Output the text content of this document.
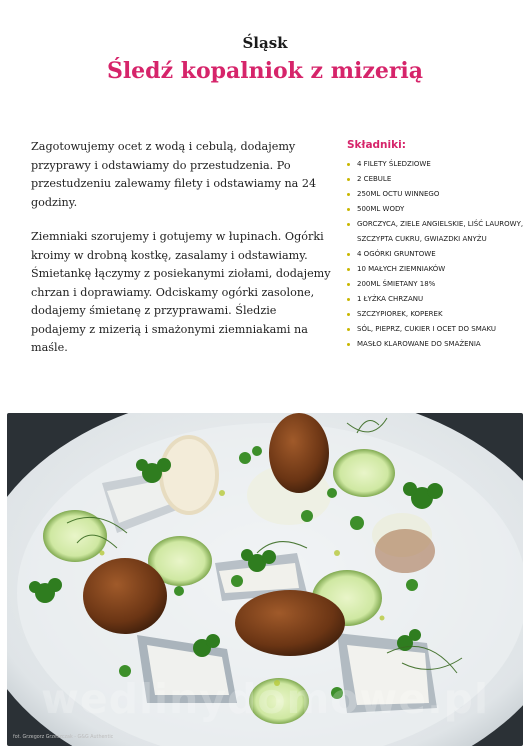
Śląsk
Śledź kopalniok z mizerią

Zagotowujemy ocet z wodą i cebulą, dodajemy przyprawy i odstawiamy do przestudzenia. Po przestudzeniu zalewamy filety i odstawiamy na 24 godziny.

Ziemniaki szorujemy i gotujemy w łupinach. Ogórki kroimy w drobną kostkę, zasalamy i odstawiamy. Śmietankę łączymy z posiekanymi ziołami, dodajemy chrzan i doprawiamy. Odciskamy ogórki zasolone, dodajemy śmietanę z przyprawami. Śledzie podajemy z mizerią i smażonymi ziemniakami na maśle.

Składniki:
4 FILETY ŚLEDZIOWE
2 CEBULE
250ML OCTU WINNEGO
500ML WODY
GORCZYCA, ZIELE ANGIELSKIE, LIŚĆ LAUROWY, SZCZYPTA CUKRU, GWIAZDKI ANYŻU
4 OGÓRKI GRUNTOWE
10 MAŁYCH ZIEMNIAKÓW
200ML ŚMIETANY 18%
1 ŁYŻKA CHRZANU
SZCZYPIOREK, KOPEREK
SÓL, PIEPRZ, CUKIER I OCET DO SMAKU
MASŁO KLAROWANE DO SMAŻENIA
wedlinydomowe.pl
fot. Grzegorz Grzeszczak - G&G Authentic
